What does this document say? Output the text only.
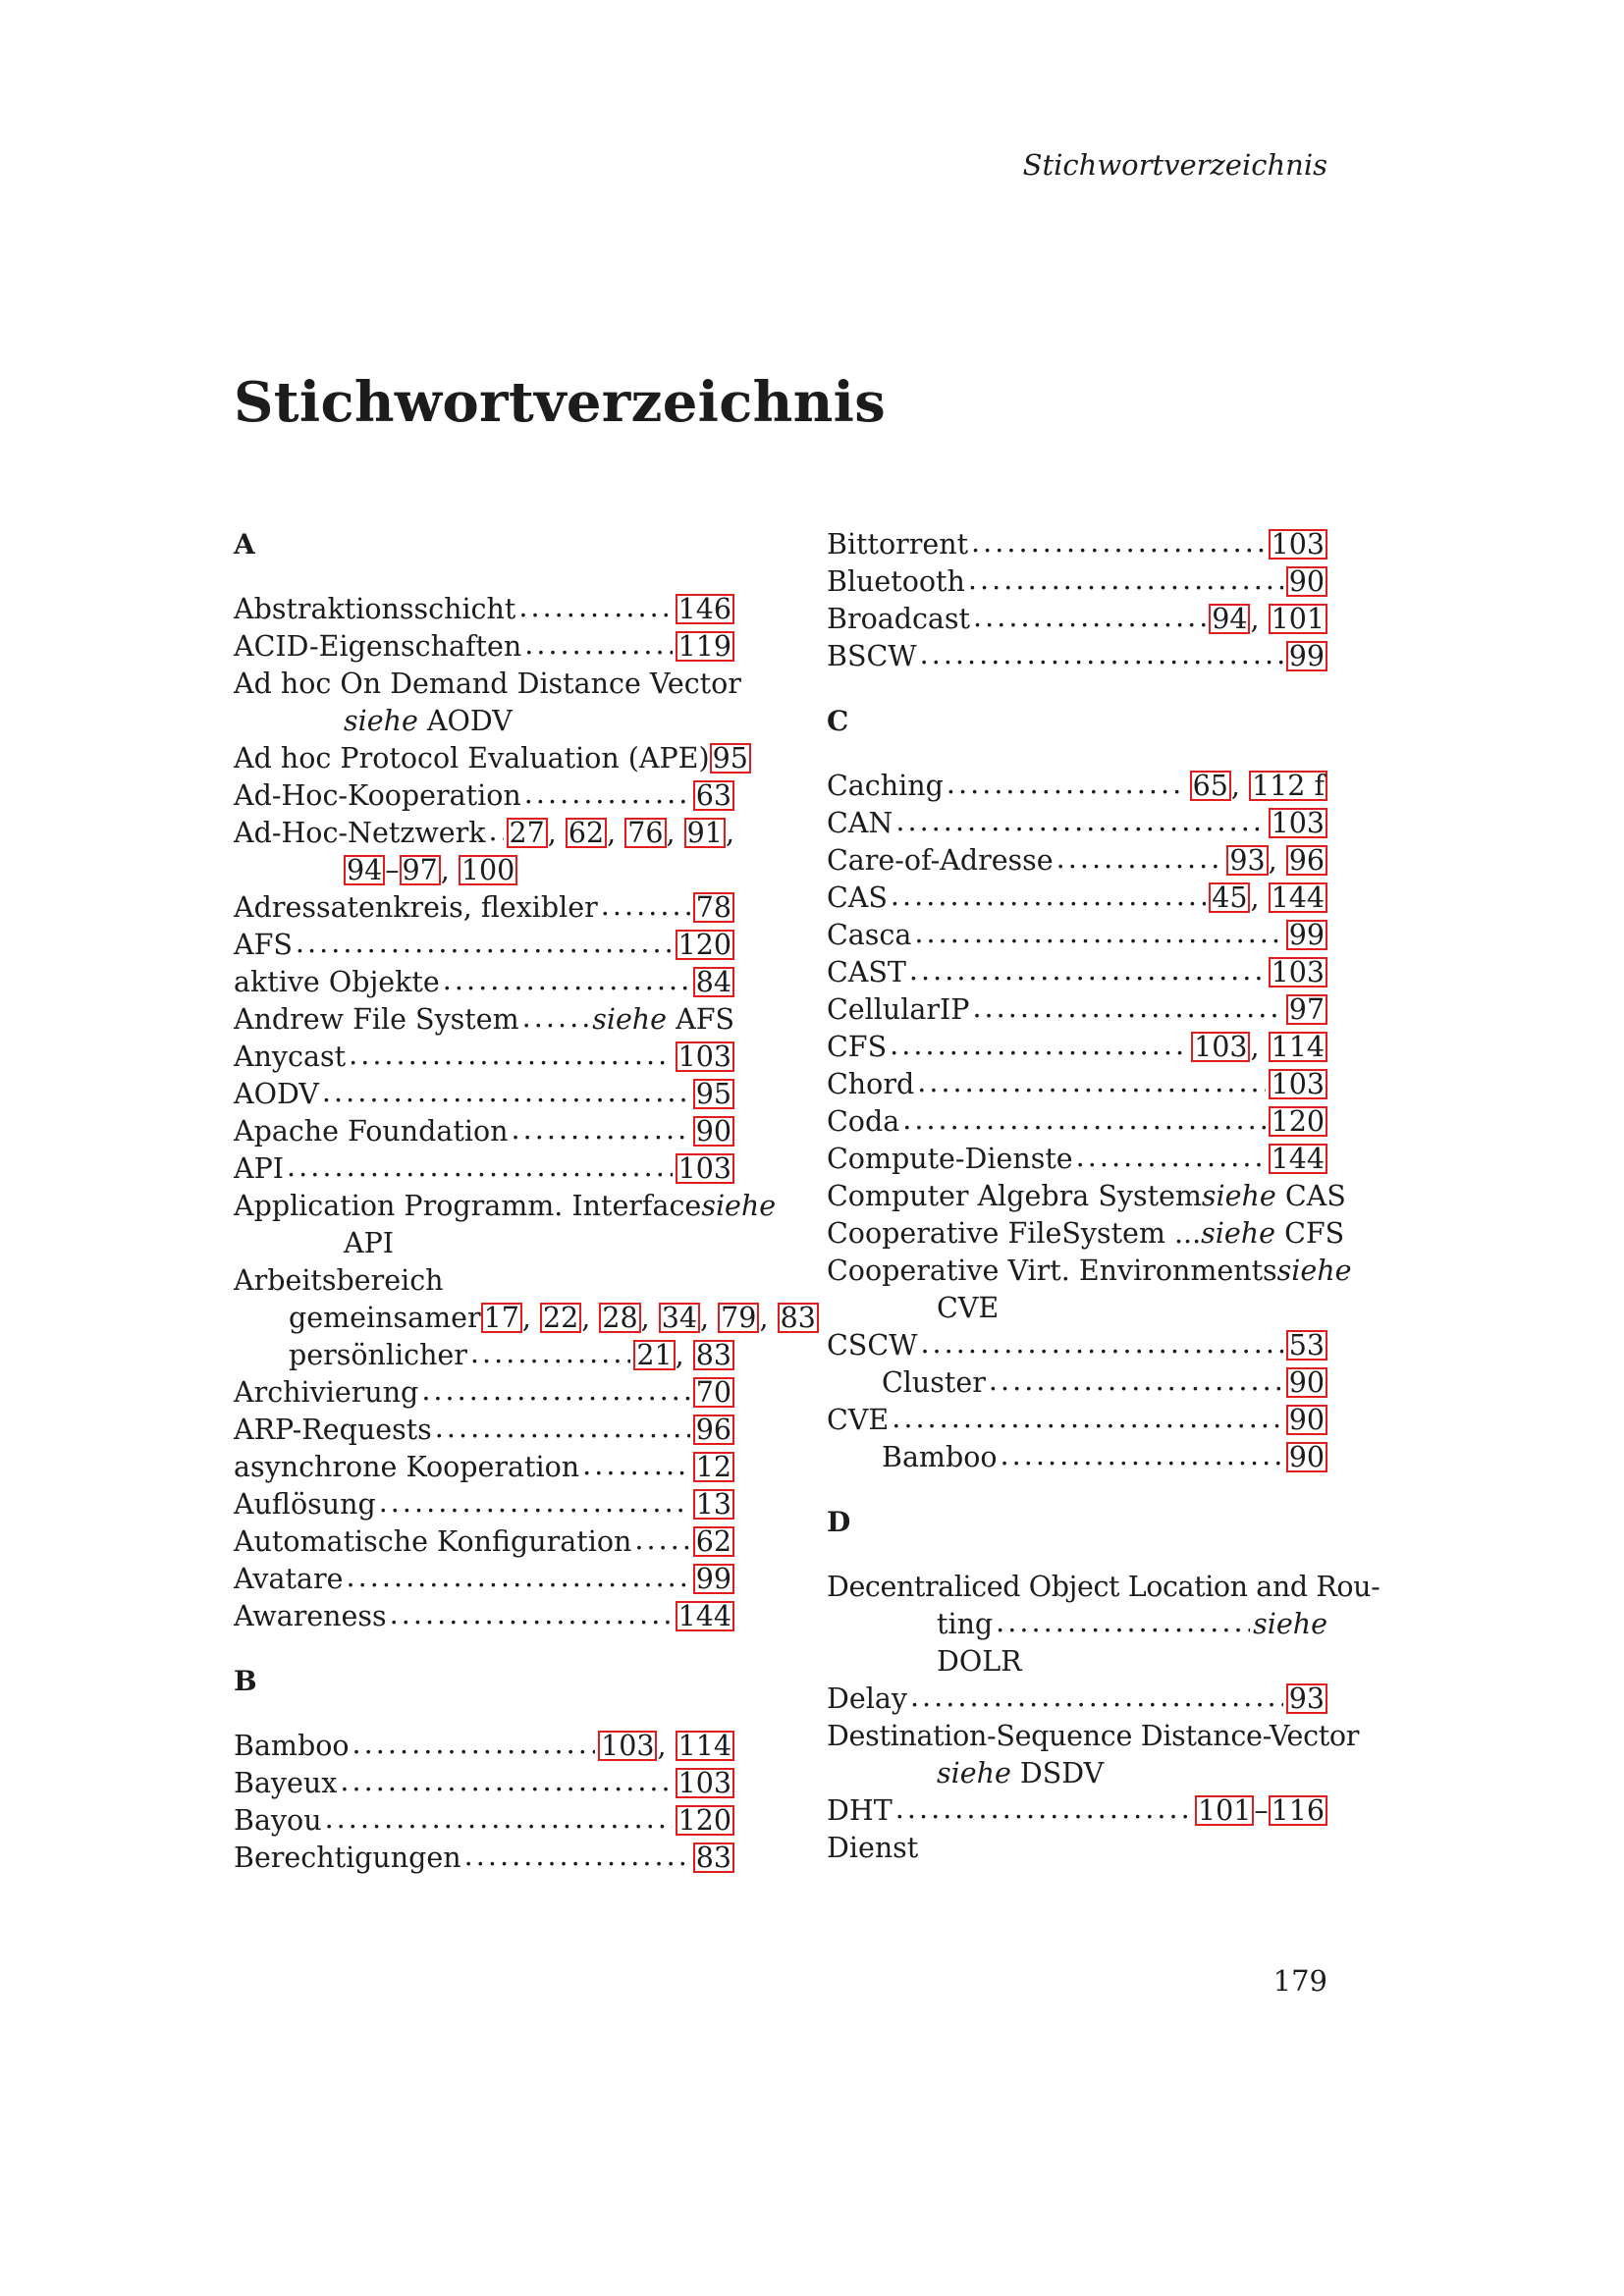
Stichwortverzeichnis
Stichwortverzeichnis
A
Abstraktionsschicht . . .	146
ACID-Eigenschaften . . .	119
Ad hoc On Demand Distance Vector
siehe
AODV
Ad hoc Protocol Evaluation (APE) 95
Ad-Hoc-Kooperation . . .	63
Ad-Hoc-Netzwerk . . . 27 , 62 , 76 , 91 ,
94 – 97 , 100
Adressatenkreis, flexibler . . .	78
AFS . . .	120
aktive Objekte . . .	84
Andrew File System . . .	siehe
AFS
Anycast . . .	103
AODV . . .	95
Apache Foundation . . .	90
API . . .	103
Application Programm. Interface siehe
API
Arbeitsbereich
gemeinsamer 17 , 22 , 28 , 34 , 79 , 83
persönlicher . . .	21 , 83
Archivierung . . .	70
ARP-Requests . . .	96
asynchrone Kooperation . . .	12
Auflösung . . .	13
Automatische Konfiguration . . . 62
Avatare . . .	99
Awareness . . .	144
B
Bamboo . . .	103 , 114
Bayeux . . .	103
Bayou . . .	120
Berechtigungen . . .	83
Bittorrent . . .	103
Bluetooth . . .	90
Broadcast . . .	94 , 101
BSCW . . .	99
C
Caching . . .	65 , 112 f
CAN . . .	103
Care-of-Adresse . . .	93 , 96
CAS . . .	45 , 144
Casca . . .	99
CAST . . .	103
CellularIP . . .	97
CFS . . .	103 , 114
Chord . . .	103
Coda . . .	120
Compute-Dienste . . .	144
Computer Algebra System siehe CAS
Cooperative FileSystem ... siehe CFS
Cooperative Virt. Environments siehe
CVE
CSCW . . .	53
Cluster . . .	90
CVE . . .	90
Bamboo . . .	90
D
Decentraliced Object Location and Rou-
ting . . .	siehe
DOLR
Delay . . .	93
Destination-Sequence Distance-Vector
siehe
DSDV
DHT . . .	101 – 116
Dienst
179
